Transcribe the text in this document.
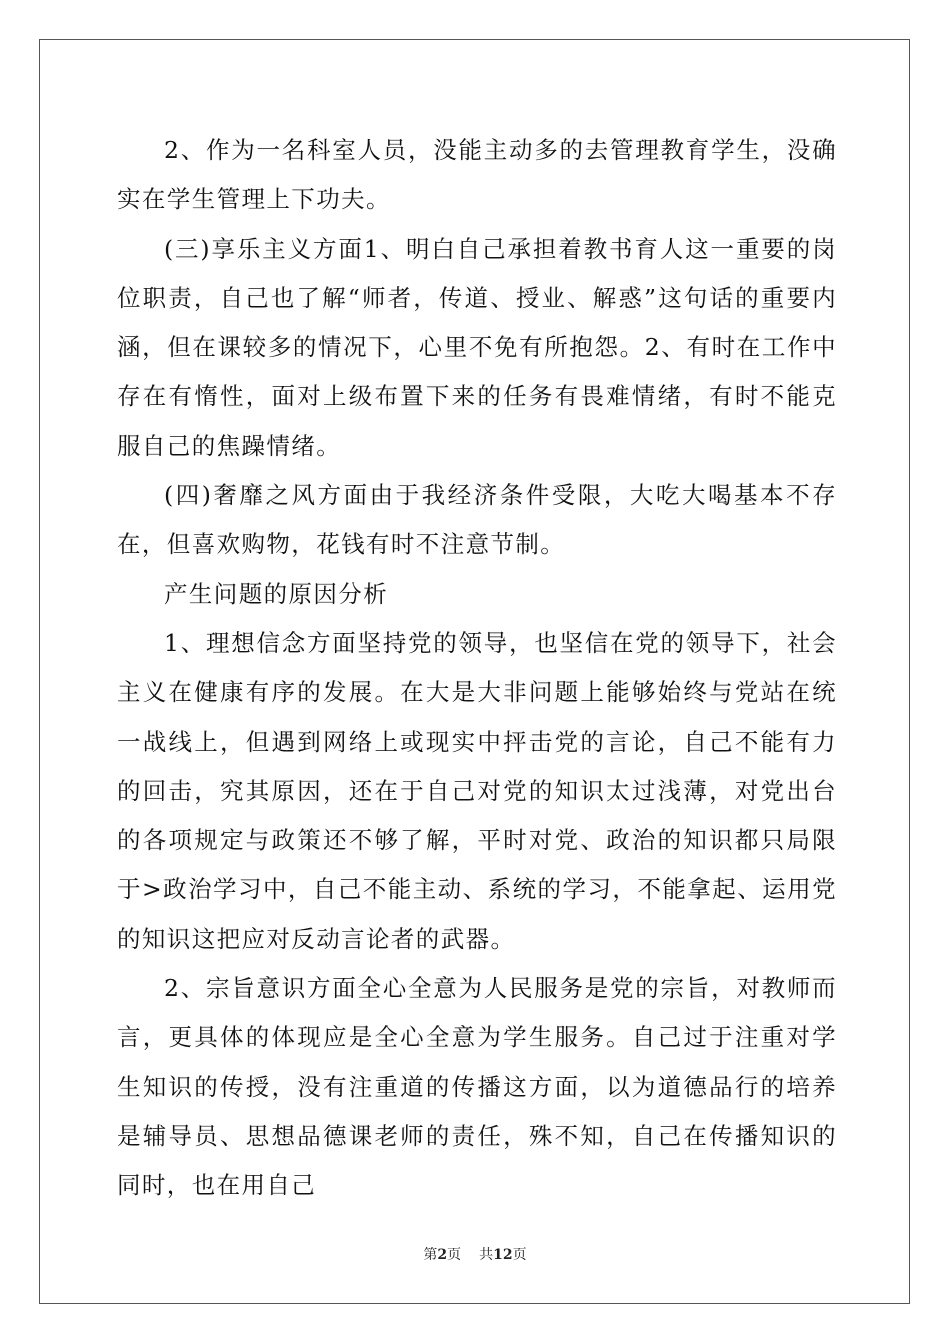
2、作为一名科室人员，没能主动多的去管理教育学生，没确实在学生管理上下功夫。

(三)享乐主义方面1、明白自己承担着教书育人这一重要的岗位职责，自己也了解“师者，传道、授业、解惑”这句话的重要内涵，但在课较多的情况下，心里不免有所抱怨。2、有时在工作中存在有惰性，面对上级布置下来的任务有畏难情绪，有时不能克服自己的焦躁情绪。

(四)奢靡之风方面由于我经济条件受限，大吃大喝基本不存在，但喜欢购物，花钱有时不注意节制。

产生问题的原因分析

1、理想信念方面坚持党的领导，也坚信在党的领导下，社会主义在健康有序的发展。在大是大非问题上能够始终与党站在统一战线上，但遇到网络上或现实中抨击党的言论，自己不能有力的回击，究其原因，还在于自己对党的知识太过浅薄，对党出台的各项规定与政策还不够了解，平时对党、政治的知识都只局限于>政治学习中，自己不能主动、系统的学习，不能拿起、运用党的知识这把应对反动言论者的武器。

2、宗旨意识方面全心全意为人民服务是党的宗旨，对教师而言，更具体的体现应是全心全意为学生服务。自己过于注重对学生知识的传授，没有注重道的传播这方面，以为道德品行的培养是辅导员、思想品德课老师的责任，殊不知，自己在传播知识的同时，也在用自己

第2页 共12页
